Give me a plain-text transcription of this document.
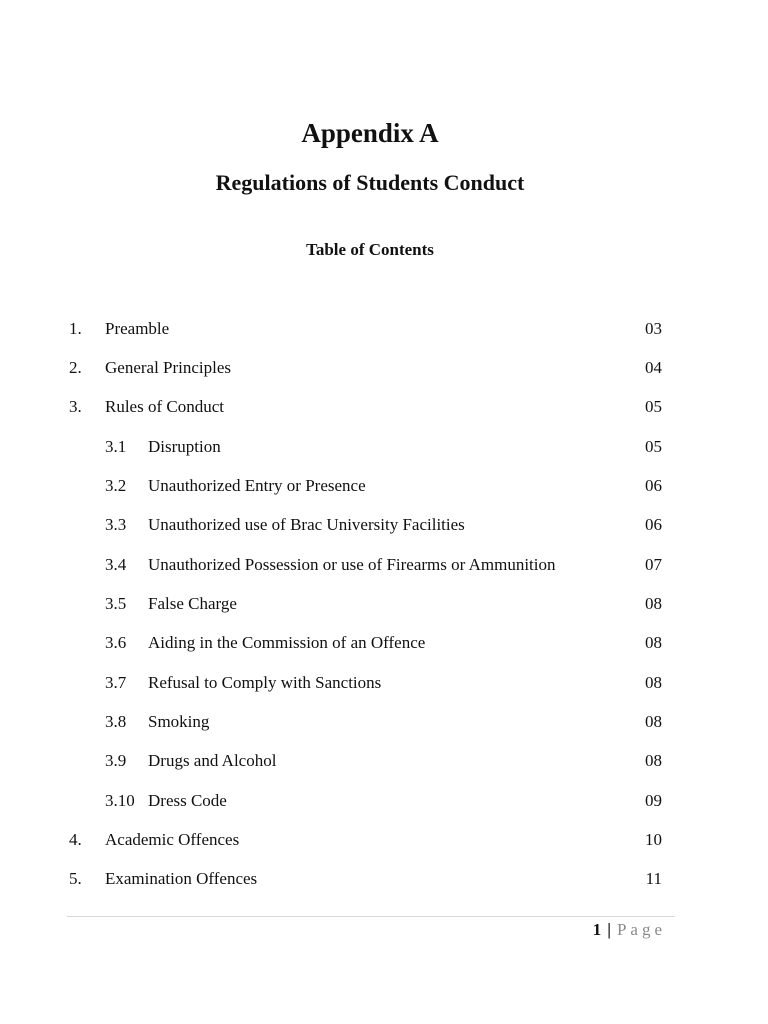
Appendix A
Regulations of Students Conduct
Table of Contents
1. Preamble	03
2. General Principles	04
3. Rules of Conduct	05
3.1 Disruption	05
3.2 Unauthorized Entry or Presence	06
3.3 Unauthorized use of Brac University Facilities	06
3.4 Unauthorized Possession or use of Firearms or Ammunition	07
3.5 False Charge	08
3.6 Aiding in the Commission of an Offence	08
3.7 Refusal to Comply with Sanctions	08
3.8 Smoking	08
3.9 Drugs and Alcohol	08
3.10 Dress Code	09
4. Academic Offences	10
5. Examination Offences	11
1 | Page
